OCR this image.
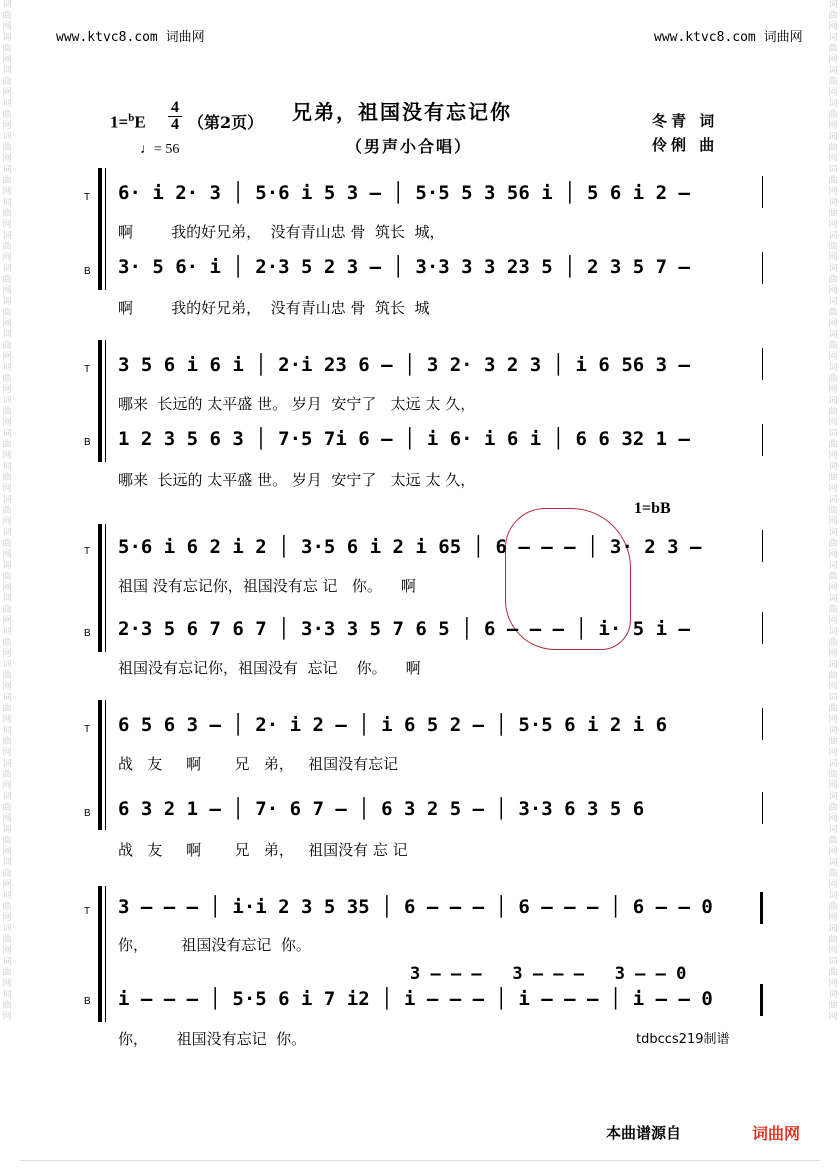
词曲网词曲网词曲网词曲网词曲网词曲网词曲网词曲网词曲网词曲网词曲网词曲网词曲网词曲网词曲网词曲网词曲网词曲网词曲网词曲网词曲网词曲网词曲网词曲网词曲网词曲网词曲网词曲网词曲网词曲网词曲网
词曲网词曲网词曲网词曲网词曲网词曲网词曲网词曲网词曲网词曲网词曲网词曲网词曲网词曲网词曲网词曲网词曲网词曲网词曲网词曲网词曲网词曲网词曲网词曲网词曲网词曲网词曲网词曲网词曲网词曲网词曲网
www.ktvc8.com 词曲网	www.ktvc8.com 词曲网
1=$^b$E
4
4 （第2页） 兄弟，祖国没有忘记你
（男声小合唱）
♩= 56
冬青 词
伶俐 曲
T 6· i 2· 3 │ 5·6 i 5 3 – │ 5·5 5 3 56 i │ 5 6 i 2 –
啊        我的好兄弟，  没有青山忠 骨  筑长  城，
B 3· 5 6· i │ 2·3 5 2 3 – │ 3·3 3 3 23 5 │ 2 3 5 7 –
啊        我的好兄弟，  没有青山忠 骨  筑长  城
T 3 5 6 i 6 i │ 2·i 23 6 – │ 3 2· 3 2 3 │ i 6 56 3 –
哪来  长远的 太平盛 世。 岁月  安宁了   太远 太 久，
B 1 2 3 5 6 3 │ 7·5 7i 6 – │ i 6· i 6 i │ 6 6 32 1 –
哪来  长远的 太平盛 世。 岁月  安宁了   太远 太 久，
1=bB
T 5·6 i 6 2 i 2 │ 3·5 6 i 2 i 65 │ 6 – – – │ 3· 2 3 –
祖国 没有忘记你，祖国没有忘 记   你。    啊
B 2·3 5 6 7 6 7 │ 3·3 3 5 7 6 5 │ 6 – – – │ i· 5 i –
祖国没有忘记你，祖国没有  忘记    你。    啊
T 6 5 6 3 – │ 2· i 2 – │ i 6 5 2 – │ 5·5 6 i 2 i 6
战   友     啊       兄   弟，   祖国没有忘记
B 6 3 2 1 – │ 7· 6 7 – │ 6 3 2 5 – │ 3·3 6 3 5 6
战   友     啊       兄   弟，   祖国没有 忘 记
T 3 – – – │ i·i 2 3 5 35 │ 6 – – – │ 6 – – – │ 6 – – 0
你，       祖国没有忘记  你。
3 – – –   3 – – –   3 – – 0
B i – – – │ 5·5 6 i 7 i2 │ i – – – │ i – – – │ i – – 0
你，      祖国没有忘记  你。	tdbccs219制谱
本曲谱源自	词曲网
